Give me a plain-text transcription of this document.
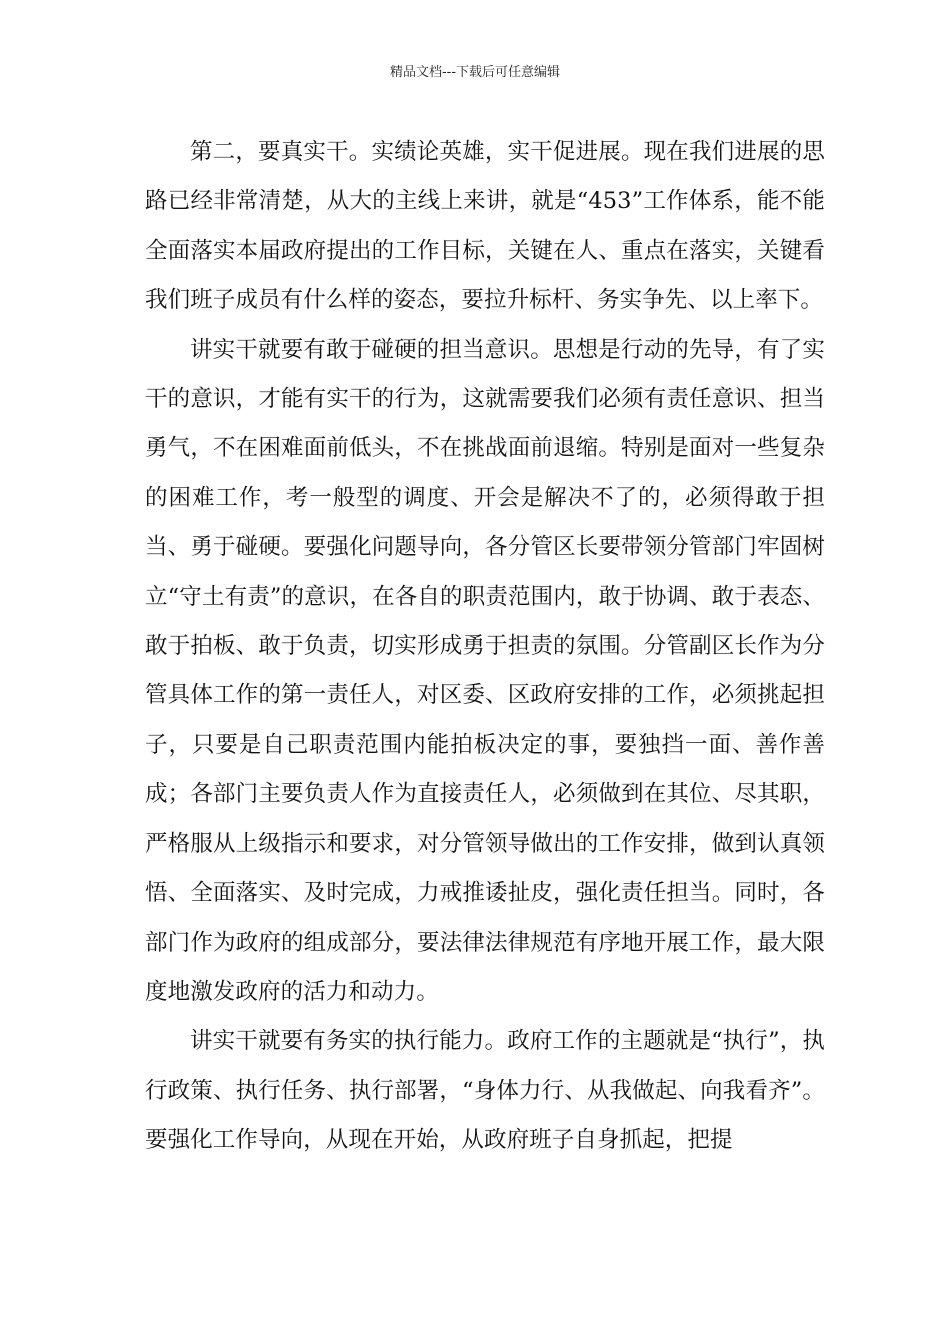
精品文档---下载后可任意编辑

第二，要真实干。实绩论英雄，实干促进展。现在我们进展的思路已经非常清楚，从大的主线上来讲，就是“453”工作体系，能不能全面落实本届政府提出的工作目标，关键在人、重点在落实，关键看我们班子成员有什么样的姿态，要拉升标杆、务实争先、以上率下。

讲实干就要有敢于碰硬的担当意识。思想是行动的先导，有了实干的意识，才能有实干的行为，这就需要我们必须有责任意识、担当勇气，不在困难面前低头，不在挑战面前退缩。特别是面对一些复杂的困难工作，考一般型的调度、开会是解决不了的，必须得敢于担当、勇于碰硬。要强化问题导向，各分管区长要带领分管部门牢固树立“守土有责”的意识，在各自的职责范围内，敢于协调、敢于表态、敢于拍板、敢于负责，切实形成勇于担责的氛围。分管副区长作为分管具体工作的第一责任人，对区委、区政府安排的工作，必须挑起担子，只要是自己职责范围内能拍板决定的事，要独挡一面、善作善成；各部门主要负责人作为直接责任人，必须做到在其位、尽其职，严格服从上级指示和要求，对分管领导做出的工作安排，做到认真领悟、全面落实、及时完成，力戒推诿扯皮，强化责任担当。同时，各部门作为政府的组成部分，要法律法律规范有序地开展工作，最大限度地激发政府的活力和动力。

讲实干就要有务实的执行能力。政府工作的主题就是“执行”，执行政策、执行任务、执行部署，“身体力行、从我做起、向我看齐”。要强化工作导向，从现在开始，从政府班子自身抓起，把提
